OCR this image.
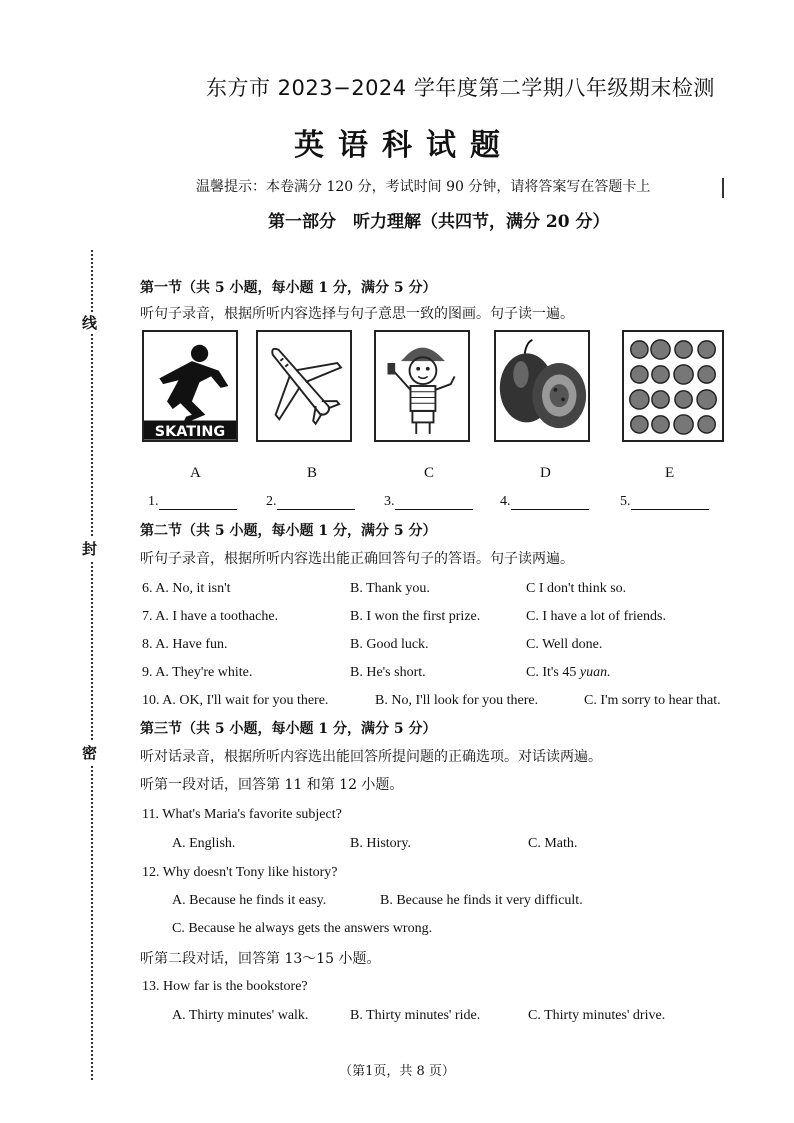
线
封
密
东方市 2023−2024 学年度第二学期八年级期末检测
英语科试题
温馨提示：本卷满分 120 分，考试时间 90 分钟，请将答案写在答题卡上
第一部分　听力理解（共四节，满分 20 分）
第一节（共 5 小题，每小题 1 分，满分 5 分）
听句子录音，根据所听内容选择与句子意思一致的图画。句子读一遍。
SKATING
A	B	C	D	E
1.	2.	3.	4.	5.
第二节（共 5 小题，每小题 1 分，满分 5 分）
听句子录音，根据所听内容选出能正确回答句子的答语。句子读两遍。
6. A. No, it isn't	B. Thank you.	C I don't think so.
7. A. I have a toothache.	B. I won the first prize.	C. I have a lot of friends.
8. A. Have fun.	B. Good luck.	C. Well done.
9. A. They're white.	B. He's short.	C. It's 45 yuan.
10. A. OK, I'll wait for you there.	B. No, I'll look for you there.	C. I'm sorry to hear that.
第三节（共 5 小题，每小题 1 分，满分 5 分）
听对话录音，根据所听内容选出能回答所提问题的正确选项。对话读两遍。
听第一段对话，回答第 11 和第 12 小题。
11. What's Maria's favorite subject?
A. English.	B. History.	C. Math.
12. Why doesn't Tony like history?
A. Because he finds it easy.	B. Because he finds it very difficult.
C. Because he always gets the answers wrong.
听第二段对话，回答第 13～15 小题。
13. How far is the bookstore?
A. Thirty minutes' walk.	B. Thirty minutes' ride.	C. Thirty minutes' drive.
（第1页，共 8 页）
